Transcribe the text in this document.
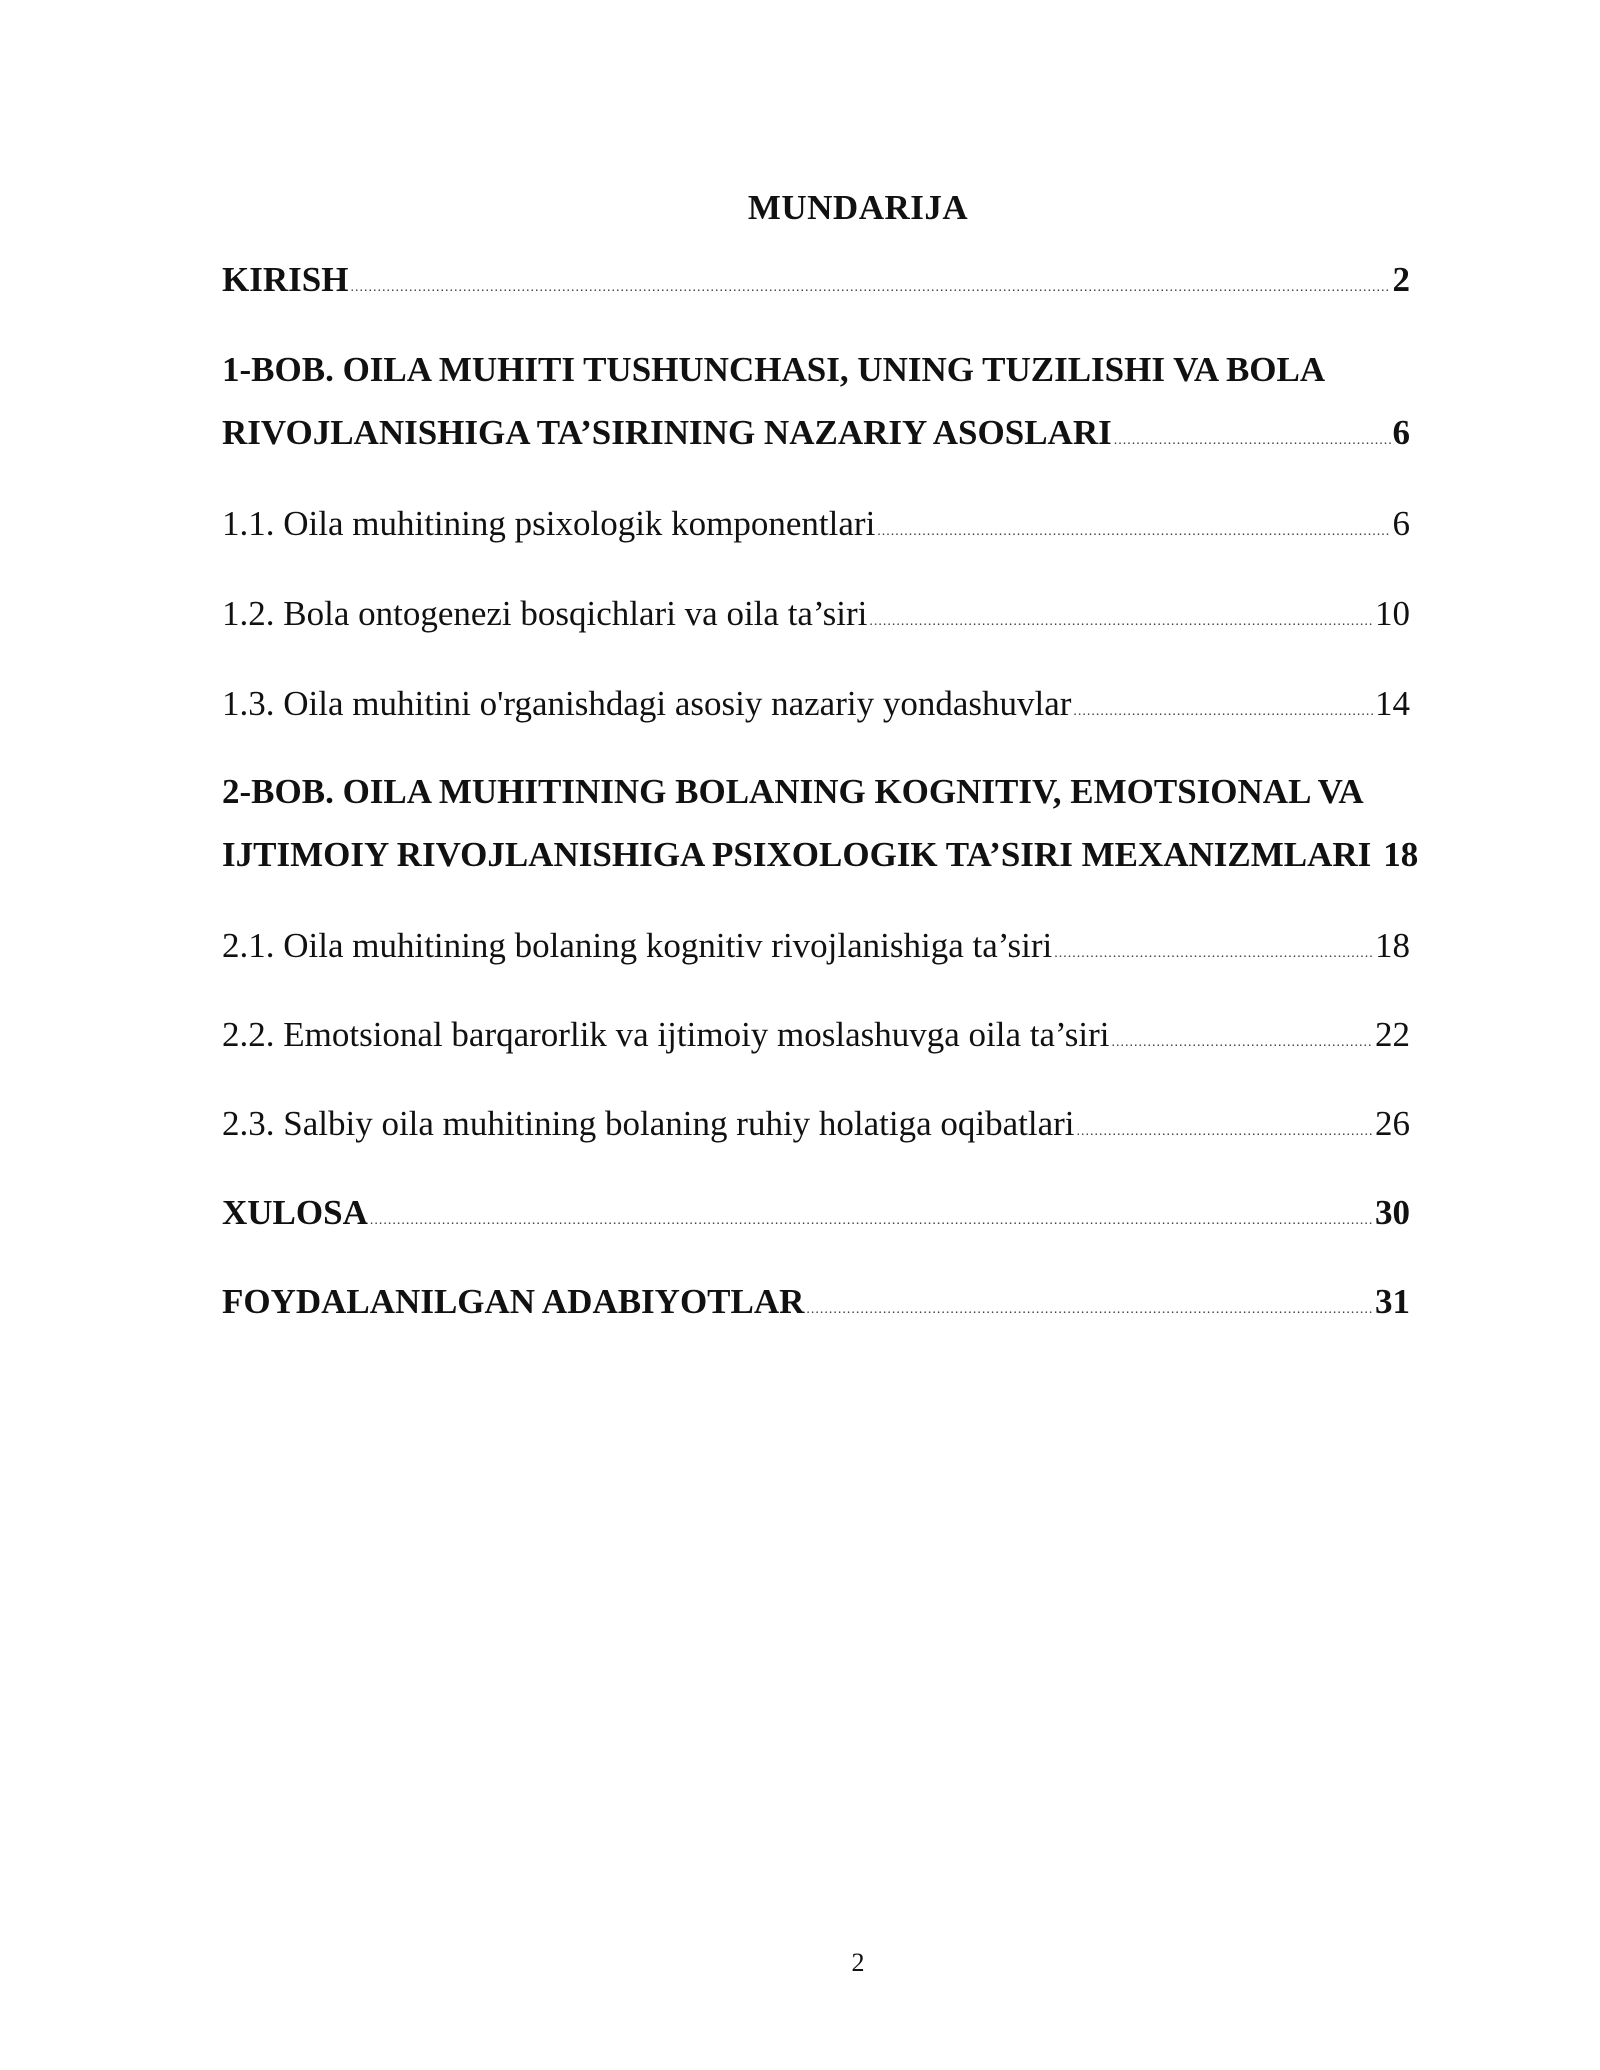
MUNDARIJA
KIRISH .....	2
1-BOB. OILA MUHITI TUSHUNCHASI, UNING TUZILISHI VA BOLA
RIVOJLANISHIGA TA’SIRINING NAZARIY ASOSLARI .....	6
1.1. Oila muhitining psixologik komponentlari .....	6
1.2. Bola ontogenezi bosqichlari va oila ta’siri .....	10
1.3. Oila muhitini o'rganishdagi asosiy nazariy yondashuvlar .....	14
2-BOB. OILA MUHITINING BOLANING KOGNITIV, EMOTSIONAL VA
IJTIMOIY RIVOJLANISHIGA PSIXOLOGIK TA’SIRI MEXANIZMLARI 18
2.1. Oila muhitining bolaning kognitiv rivojlanishiga ta’siri .....	18
2.2. Emotsional barqarorlik va ijtimoiy moslashuvga oila ta’siri .....	22
2.3. Salbiy oila muhitining bolaning ruhiy holatiga oqibatlari .....	26
XULOSA .....	30
FOYDALANILGAN ADABIYOTLAR .....	31
2
